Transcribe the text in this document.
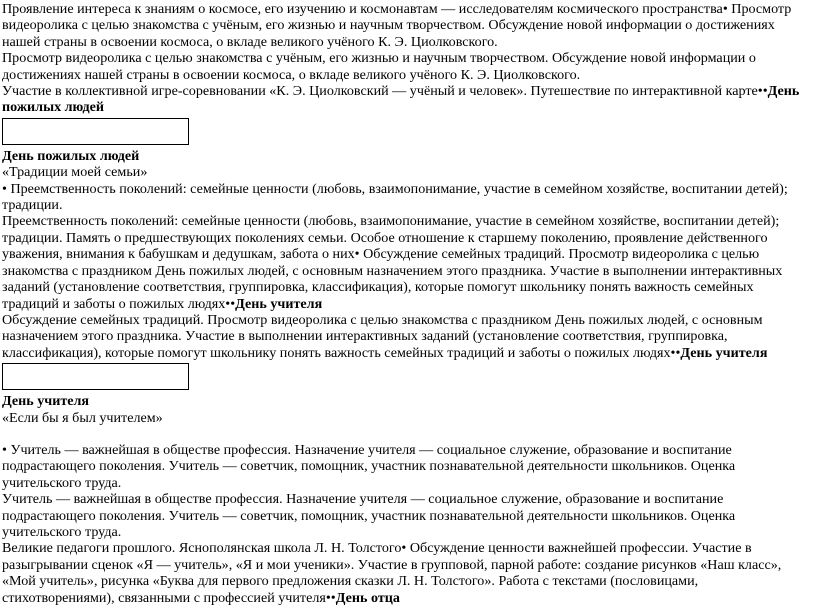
Проявление интереса к знаниям о космосе, его изучению и космонавтам — исследователям космического пространства• Просмотр видеоролика с целью знакомства с учёным, его жизнью и научным творчеством. Обсуждение новой информации о достижениях нашей страны в освоении космоса, о вкладе великого учёного К. Э. Циолковского.

Просмотр видеоролика с целью знакомства с учёным, его жизнью и научным творчеством. Обсуждение новой информации о достижениях нашей страны в освоении космоса, о вкладе великого учёного К. Э. Циолковского.

Участие в коллективной игре-соревновании «К. Э. Циолковский — учёный и человек». Путешествие по интерактивной карте••День пожилых людей

День пожилых людей

«Традиции моей семьи»

• Преемственность поколений: семейные ценности (любовь, взаимопонимание, участие в семейном хозяйстве, воспитании детей); традиции.

Преемственность поколений: семейные ценности (любовь, взаимопонимание, участие в семейном хозяйстве, воспитании детей); традиции. Память о предшествующих поколениях семьи. Особое отношение к старшему поколению, проявление действенного уважения, внимания к бабушкам и дедушкам, забота о них• Обсуждение семейных традиций. Просмотр видеоролика с целью знакомства с праздником День пожилых людей, с основным назначением этого праздника. Участие в выполнении интерактивных заданий (установление соответствия, группировка, классификация), которые помогут школьнику понять важность семейных традиций и заботы о пожилых людях••День учителя

Обсуждение семейных традиций. Просмотр видеоролика с целью знакомства с праздником День пожилых людей, с основным назначением этого праздника. Участие в выполнении интерактивных заданий (установление соответствия, группировка, классификация), которые помогут школьнику понять важность семейных традиций и заботы о пожилых людях••День учителя

День учителя

«Если бы я был учителем»

• Учитель — важнейшая в обществе профессия. Назначение учителя — социальное служение, образование и воспитание подрастающего поколения. Учитель — советчик, помощник, участник познавательной деятельности школьников. Оценка учительского труда.

Учитель — важнейшая в обществе профессия. Назначение учителя — социальное служение, образование и воспитание подрастающего поколения. Учитель — советчик, помощник, участник познавательной деятельности школьников. Оценка учительского труда.

Великие педагоги прошлого. Яснополянская школа Л. Н. Толстого• Обсуждение ценности важнейшей профессии. Участие в разыгрывании сценок «Я — учитель», «Я и мои ученики». Участие в групповой, парной работе: создание рисунков «Наш класс», «Мой учитель», рисунка «Буква для первого предложения сказки Л. Н. Толстого». Работа с текстами (пословицами, стихотворениями), связанными с профессией учителя••День отца
